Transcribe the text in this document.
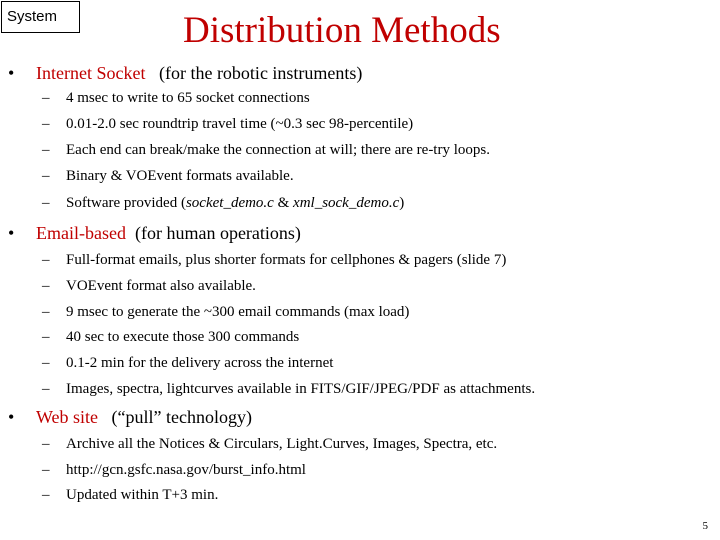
System	Distribution Methods
• Internet Socket (for the robotic instruments)
– 4 msec to write to 65 socket connections
– 0.01-2.0 sec roundtrip travel time (~0.3 sec 98-percentile)
– Each end can break/make the connection at will; there are re-try loops.
– Binary & VOEvent formats available.
– Software provided (socket_demo.c & xml_sock_demo.c)
• Email-based (for human operations)
– Full-format emails, plus shorter formats for cellphones & pagers (slide 7)
– VOEvent format also available.
– 9 msec to generate the ~300 email commands (max load)
– 40 sec to execute those 300 commands
– 0.1-2 min for the delivery across the internet
– Images, spectra, lightcurves available in FITS/GIF/JPEG/PDF as attachments.
• Web site (“pull” technology)
– Archive all the Notices & Circulars, Light.Curves, Images, Spectra, etc.
– http://gcn.gsfc.nasa.gov/burst_info.html
– Updated within T+3 min.
5
